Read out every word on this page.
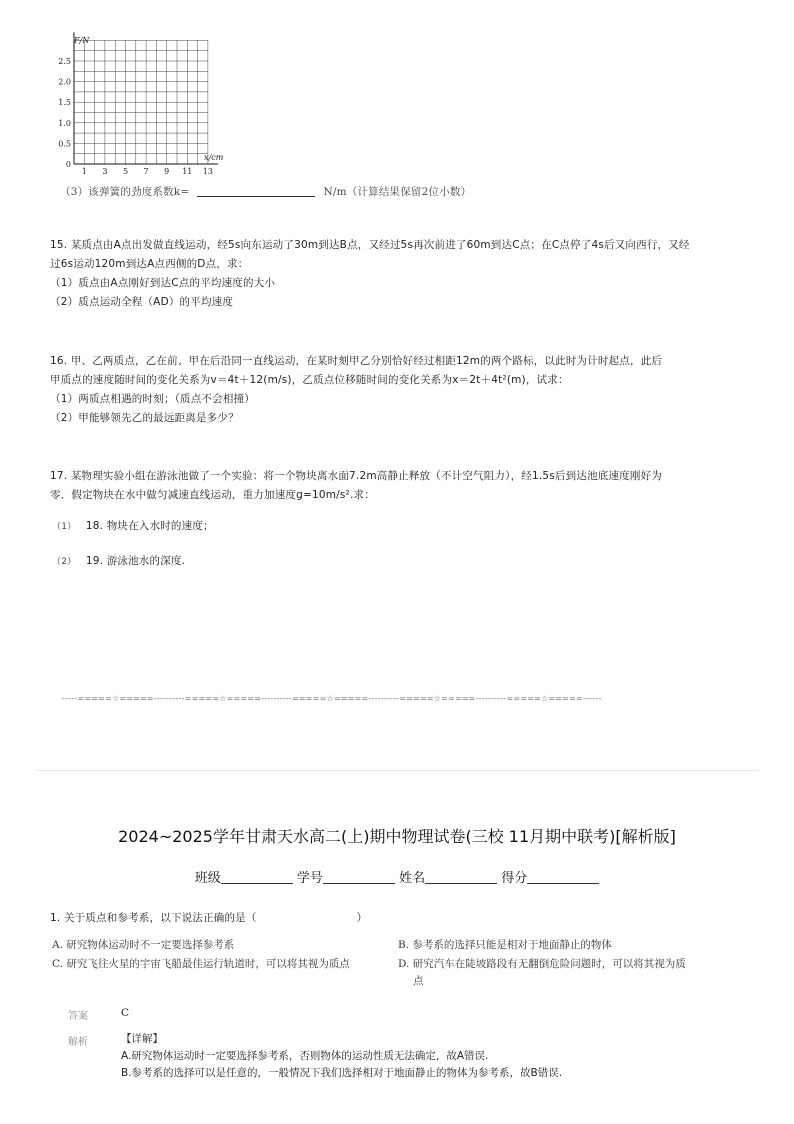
F/N
x/cm
2.5
2.0
1.5
1.0
0.5
0
1 3 5 7 9 11 13
（3）该弹簧的劲度系数k=	N/m（计算结果保留2位小数）
15. 某质点由A点出发做直线运动，经5s向东运动了30m到达B点，又经过5s再次前进了60m到达C点；在C点停了4s后又向西行，又经
过6s运动120m到达A点西侧的D点，求：
（1）质点由A点刚好到达C点的平均速度的大小
（2）质点运动全程（AD）的平均速度
16. 甲、乙两质点，乙在前、甲在后沿同一直线运动，在某时刻甲乙分别恰好经过相距12m的两个路标，以此时为计时起点，此后
甲质点的速度随时间的变化关系为v＝4t＋12(m/s)，乙质点位移随时间的变化关系为x＝2t＋4t²(m)，试求：
（1）两质点相遇的时刻；（质点不会相撞）
（2）甲能够领先乙的最远距离是多少？
17. 某物理实验小组在游泳池做了一个实验：将一个物块离水面7.2m高静止释放（不计空气阻力），经1.5s后到达池底速度刚好为
零．假定物块在水中做匀减速直线运动，重力加速度g=10m/s².求：
（1） 18. 物块在入水时的速度；
（2） 19. 游泳池水的深度.
-----=====☆=====----------=====☆=====----------=====☆=====----------=====☆=====----------=====☆=====------
2024~2025学年甘肃天水高二(上)期中物理试卷(三校 11月期中联考)[解析版]
班级	学号	姓名	得分
1. 关于质点和参考系，以下说法正确的是（	）
A. 研究物体运动时不一定要选择参考系	B. 参考系的选择只能是相对于地面静止的物体
C. 研究飞往火星的宇宙飞船最佳运行轨道时，可以将其视为质点	D. 研究汽车在陡坡路段有无翻倒危险问题时，可以将其视为质
点
答案	C
解析	【详解】
A.研究物体运动时一定要选择参考系，否则物体的运动性质无法确定，故A错误.
B.参考系的选择可以是任意的，一般情况下我们选择相对于地面静止的物体为参考系，故B错误.
